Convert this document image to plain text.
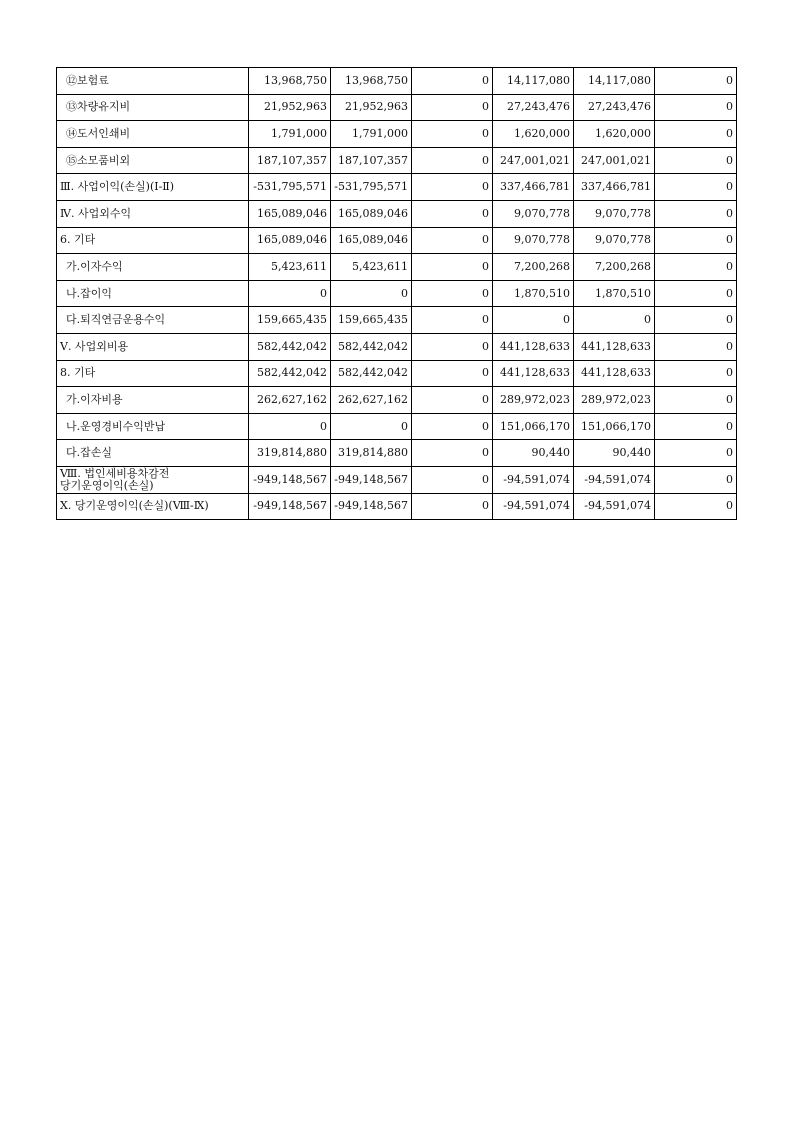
⑫보험료	13,968,750	13,968,750	0	14,117,080	14,117,080	0
⑬차량유지비	21,952,963	21,952,963	0	27,243,476	27,243,476	0
⑭도서인쇄비	1,791,000	1,791,000	0	1,620,000	1,620,000	0
⑮소모품비외	187,107,357	187,107,357	0	247,001,021	247,001,021	0
Ⅲ. 사업이익(손실)(Ⅰ-Ⅱ)	-531,795,571	-531,795,571	0	337,466,781	337,466,781	0
Ⅳ. 사업외수익	165,089,046	165,089,046	0	9,070,778	9,070,778	0
6. 기타	165,089,046	165,089,046	0	9,070,778	9,070,778	0
가.이자수익	5,423,611	5,423,611	0	7,200,268	7,200,268	0
나.잡이익	0	0	0	1,870,510	1,870,510	0
다.퇴직연금운용수익	159,665,435	159,665,435	0	0	0	0
Ⅴ. 사업외비용	582,442,042	582,442,042	0	441,128,633	441,128,633	0
8. 기타	582,442,042	582,442,042	0	441,128,633	441,128,633	0
가.이자비용	262,627,162	262,627,162	0	289,972,023	289,972,023	0
나.운영경비수익반납	0	0	0	151,066,170	151,066,170	0
다.잡손실	319,814,880	319,814,880	0	90,440	90,440	0

Ⅷ. 법인세비용차감전
당기운영이익(손실)	-949,148,567	-949,148,567	0	-94,591,074	-94,591,074	0
Ⅹ. 당기운영이익(손실)(Ⅷ-Ⅸ)	-949,148,567	-949,148,567	0	-94,591,074	-94,591,074	0
